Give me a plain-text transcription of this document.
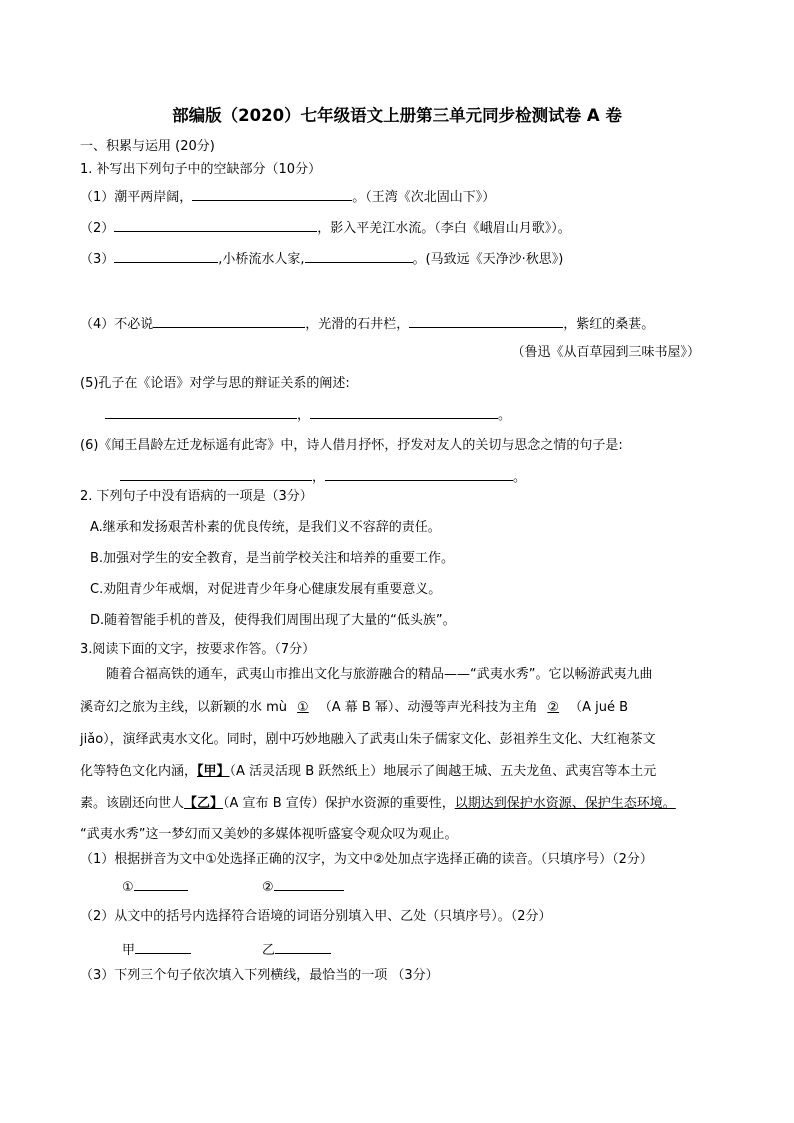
部编版（2020）七年级语文上册第三单元同步检测试卷 A 卷
一、积累与运用 (20分)
1. 补写出下列句子中的空缺部分（10分）
（1）潮平两岸阔，	。（王湾《次北固山下》）
（2）	，影入平羌江水流。（李白《峨眉山月歌》）。
（3）	,小桥流水人家,	。(马致远《天净沙·秋思》)
（4）不必说	，光滑的石井栏，	，紫红的桑葚。
（鲁迅《从百草园到三味书屋》）
(5)孔子在《论语》对学与思的辩证关系的阐述:
，	。
(6)《闻王昌龄左迁龙标遥有此寄》中，诗人借月抒怀，抒发对友人的关切与思念之情的句子是:
，	。
2. 下列句子中没有语病的一项是（3分）
A.继承和发扬艰苦朴素的优良传统，是我们义不容辞的责任。
B.加强对学生的安全教育，是当前学校关注和培养的重要工作。
C.劝阻青少年戒烟，对促进青少年身心健康发展有重要意义。
D.随着智能手机的普及，使得我们周围出现了大量的“低头族”。
3.阅读下面的文字，按要求作答。（7分）
随着合福高铁的通车，武夷山市推出文化与旅游融合的精品——“武夷水秀”。它以畅游武夷九曲
溪奇幻之旅为主线，以新颖的水 mù ① （A 幕 B 幂）、动漫等声光科技为主角 ② （A jué B
jiǎo），演绎武夷水文化。同时，剧中巧妙地融入了武夷山朱子儒家文化、彭祖养生文化、大红袍茶文
化等特色文化内涵，【甲】（A 活灵活现 B 跃然纸上）地展示了闽越王城、五夫龙鱼、武夷宫等本土元
素。该剧还向世人【乙】（A 宣布 B 宣传）保护水资源的重要性，以期达到保护水资源、保护生态环境。
“武夷水秀”这一梦幻而又美妙的多媒体视听盛宴令观众叹为观止。
（1）根据拼音为文中①处选择正确的汉字，为文中②处加点字选择正确的读音。（只填序号）（2分）
①	②
（2）从文中的括号内选择符合语境的词语分别填入甲、乙处（只填序号）。（2分）
甲	乙
（3）下列三个句子依次填入下列横线，最恰当的一项 （3分）
